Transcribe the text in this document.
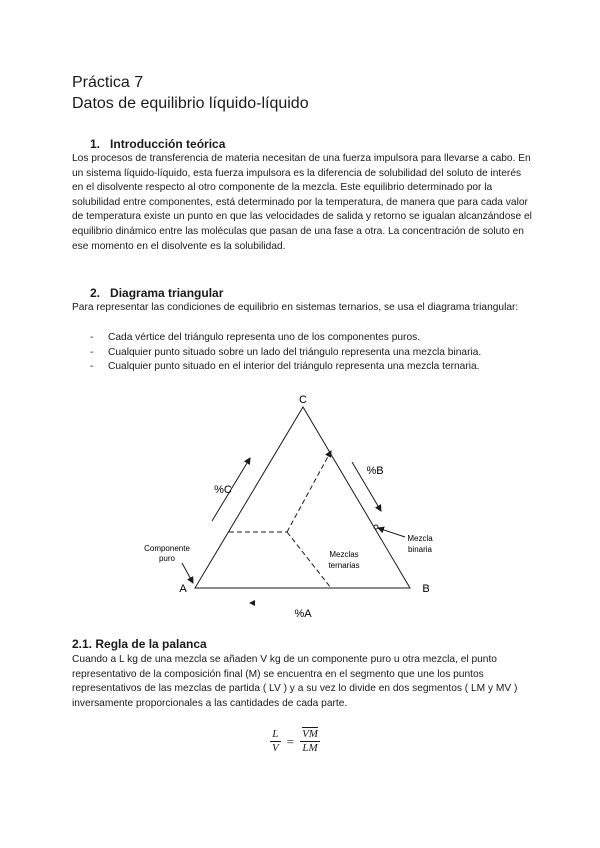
Práctica 7
Datos de equilibrio líquido-líquido
1. Introducción teórica

Los procesos de transferencia de materia necesitan de una fuerza impulsora para llevarse a cabo. En un sistema líquido-líquido, esta fuerza impulsora es la diferencia de solubilidad del soluto de interés en el disolvente respecto al otro componente de la mezcla. Este equilibrio determinado por la solubilidad entre componentes, está determinado por la temperatura, de manera que para cada valor de temperatura existe un punto en que las velocidades de salida y retorno se igualan alcanzándose el equilibrio dinámico entre las moléculas que pasan de una fase a otra. La concentración de soluto en ese momento en el disolvente es la solubilidad.

2. Diagrama triangular

Para representar las condiciones de equilibrio en sistemas ternarios, se usa el diagrama triangular:

- Cada vértice del triángulo representa uno de los componentes puros.
- Cualquier punto situado sobre un lado del triángulo representa una mezcla binaria.
- Cualquier punto situado en el interior del triángulo representa una mezcla ternaria.
C
A	B
%C
%B
%A
Componente
puro
Mezcla
binaria
Mezclas
ternarias
2.1. Regla de la palanca

Cuando a L kg de una mezcla se añaden V kg de un componente puro u otra mezcla, el punto representativo de la composición final (M) se encuentra en el segmento que une los puntos representativos de las mezclas de partida ( LV ) y a su vez lo divide en dos segmentos ( LM y MV ) inversamente proporcionales a las cantidades de cada parte.

$\frac{L}{V} = \frac{\overline{VM}}{LM}$
